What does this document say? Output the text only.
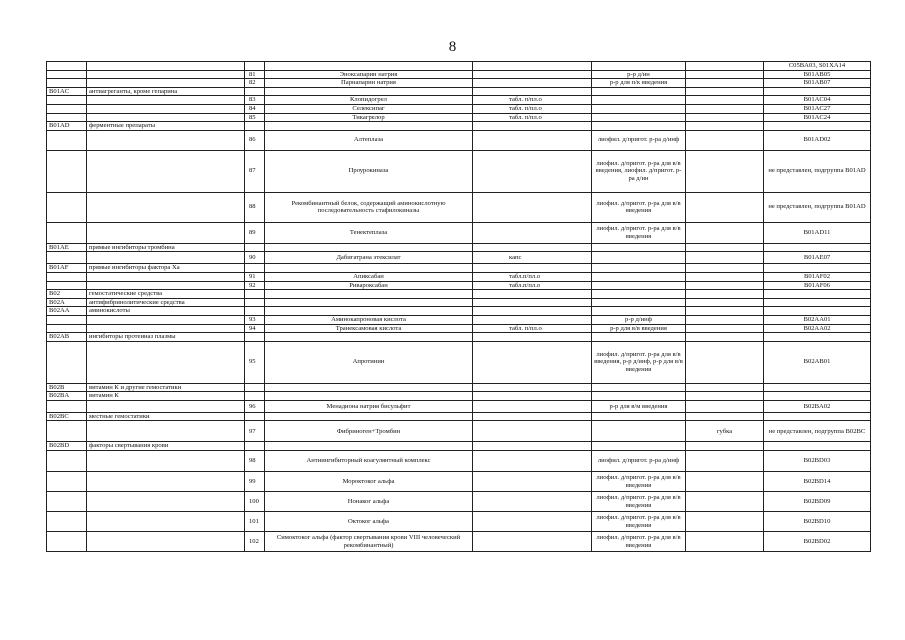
8
							C05BA03, S01XA14
		81	Эноксапарин натрия		р-р д/ин		B01AB05
		82	Парнапарин натрия		р-р для п/к введения		B01AB07
B01AC	антиагреганты, кроме гепарина						
		83	Клопидогрел	табл. п/пл.о			B01AC04
		84	Селексипаг	табл. п/пл.о			B01AC27
		85	Тикагрелор	табл. п/пл.о			B01AC24
B01AD	ферментные препараты						
		86	Алтеплаза		лиофил. д/пригот. р-ра д/инф		B01AD02
		87	Проурокиназа		лиофил. д/пригот. р-ра для в/в введения, лиофил. д/пригот. р-ра д/ин		не представлен, подгруппа B01AD
		88	Рекомбинантный белок, содержащий аминокислотную последовательность стафилокиназы		лиофил. д/пригот. р-ра для в/в введения		не представлен, подгруппа B01AD
		89	Тенектеплаза		лиофил. д/пригот. р-ра для в/в введения		B01AD11
B01AE	прямые ингибиторы тромбина						
		90	Дабигатрана этексилат	капс			B01AE07
B01AF	прямые ингибиторы фактора Ха						
		91	Апиксабан	табл.п/пл.о			B01AF02
		92	Ривароксабан	табл.п/пл.о			B01AF06
B02	гемостатические средства						
B02A	антифибринолитические средства						
B02AA	аминокислоты						
		93	Аминокапроновая кислота		р-р д/инф		B02AA01
		94	Транексамовая кислота	табл. п/пл.о	р-р для в/в введения		B02AA02
B02AB	ингибиторы протеиназ плазмы						
		95	Апротинин		лиофил. д/пригот. р-ра для в/в введения, р-р д/инф, р-р для в/в введения		B02AB01
B02B	витамин К и другие гемостатики						
B02BA	витамин К						
		96	Менадиона натрия бисульфит		р-р для в/м введения		B02BA02
B02BC	местные гемостатики						
		97	Фибриноген+Тромбин			губка	не представлен, подгруппа B02BC
B02BD	факторы свертывания крови						
		98	Антиингибиторный коагулянтный комплекс		лиофил. д/пригот. р-ра д/инф		B02BD03
		99	Мороктоког альфа		лиофил. д/пригот. р-ра для в/в введения		B02BD14
		100	Нонаког альфа		лиофил. д/пригот. р-ра для в/в введения		B02BD09
		101	Октоког альфа		лиофил. д/пригот. р-ра для в/в введения		B02BD10
		102	Симоктоког альфа (фактор свертывания крови VIII человеческий рекомбинантный)		лиофил. д/пригот. р-ра для в/в введения		B02BD02
